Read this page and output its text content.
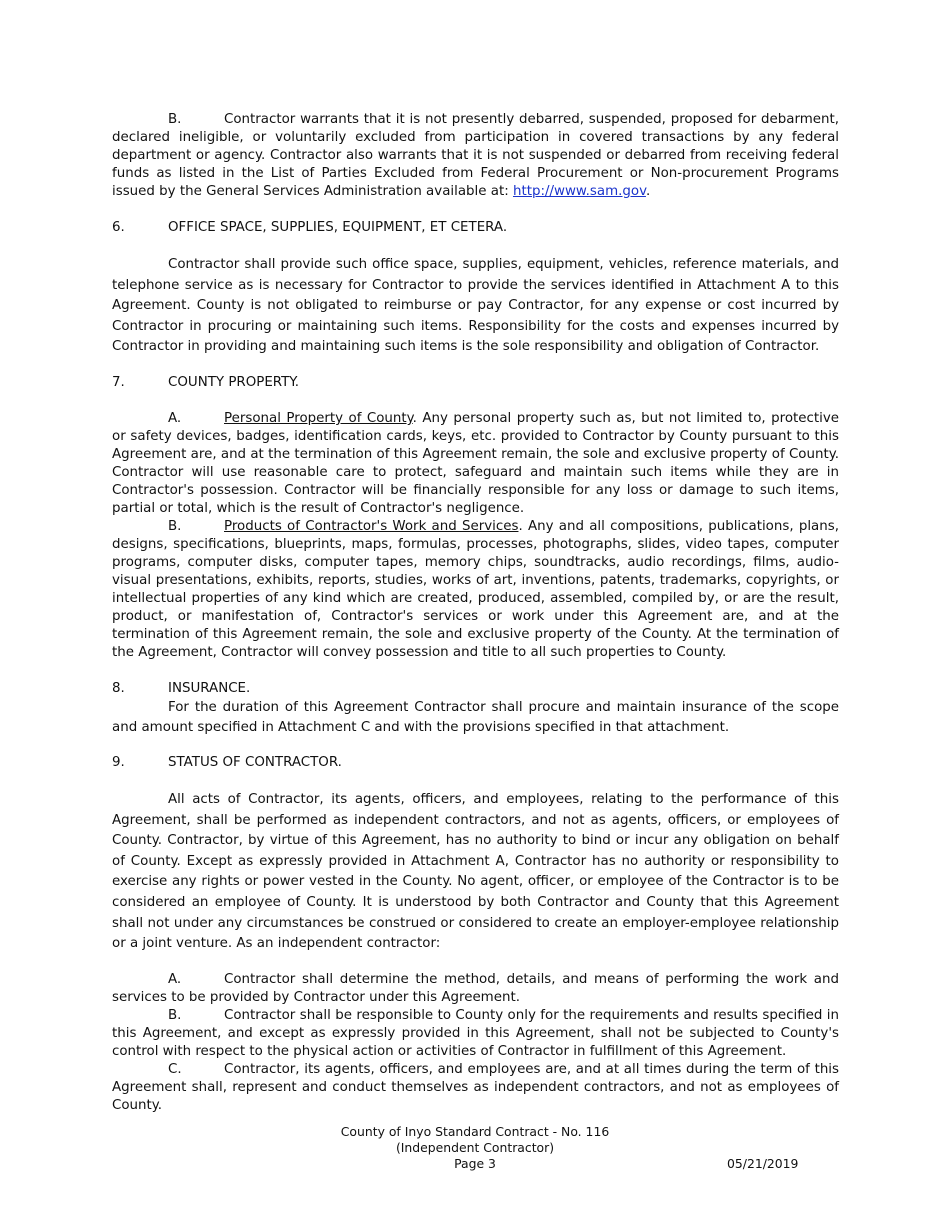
B.	Contractor warrants that it is not presently debarred, suspended, proposed for debarment, declared ineligible, or voluntarily excluded from participation in covered transactions by any federal department or agency. Contractor also warrants that it is not suspended or debarred from receiving federal funds as listed in the List of Parties Excluded from Federal Procurement or Non-procurement Programs issued by the General Services Administration available at: http://www.sam.gov.

6.	OFFICE SPACE, SUPPLIES, EQUIPMENT, ET CETERA.

Contractor shall provide such office space, supplies, equipment, vehicles, reference materials, and telephone service as is necessary for Contractor to provide the services identified in Attachment A to this Agreement. County is not obligated to reimburse or pay Contractor, for any expense or cost incurred by Contractor in procuring or maintaining such items. Responsibility for the costs and expenses incurred by Contractor in providing and maintaining such items is the sole responsibility and obligation of Contractor.

7.	COUNTY PROPERTY.

A.	Personal Property of County. Any personal property such as, but not limited to, protective or safety devices, badges, identification cards, keys, etc. provided to Contractor by County pursuant to this Agreement are, and at the termination of this Agreement remain, the sole and exclusive property of County. Contractor will use reasonable care to protect, safeguard and maintain such items while they are in Contractor's possession. Contractor will be financially responsible for any loss or damage to such items, partial or total, which is the result of Contractor's negligence.

B.	Products of Contractor's Work and Services. Any and all compositions, publications, plans, designs, specifications, blueprints, maps, formulas, processes, photographs, slides, video tapes, computer programs, computer disks, computer tapes, memory chips, soundtracks, audio recordings, films, audio-visual presentations, exhibits, reports, studies, works of art, inventions, patents, trademarks, copyrights, or intellectual properties of any kind which are created, produced, assembled, compiled by, or are the result, product, or manifestation of, Contractor's services or work under this Agreement are, and at the termination of this Agreement remain, the sole and exclusive property of the County. At the termination of the Agreement, Contractor will convey possession and title to all such properties to County.

8.	INSURANCE.

For the duration of this Agreement Contractor shall procure and maintain insurance of the scope and amount specified in Attachment C and with the provisions specified in that attachment.

9.	STATUS OF CONTRACTOR.

All acts of Contractor, its agents, officers, and employees, relating to the performance of this Agreement, shall be performed as independent contractors, and not as agents, officers, or employees of County. Contractor, by virtue of this Agreement, has no authority to bind or incur any obligation on behalf of County. Except as expressly provided in Attachment A, Contractor has no authority or responsibility to exercise any rights or power vested in the County. No agent, officer, or employee of the Contractor is to be considered an employee of County. It is understood by both Contractor and County that this Agreement shall not under any circumstances be construed or considered to create an employer-employee relationship or a joint venture. As an independent contractor:

A.	Contractor shall determine the method, details, and means of performing the work and services to be provided by Contractor under this Agreement.

B.	Contractor shall be responsible to County only for the requirements and results specified in this Agreement, and except as expressly provided in this Agreement, shall not be subjected to County's control with respect to the physical action or activities of Contractor in fulfillment of this Agreement.

C.	Contractor, its agents, officers, and employees are, and at all times during the term of this Agreement shall, represent and conduct themselves as independent contractors, and not as employees of County.

County of Inyo Standard Contract - No. 116
(Independent Contractor)
Page 3	05/21/2019
